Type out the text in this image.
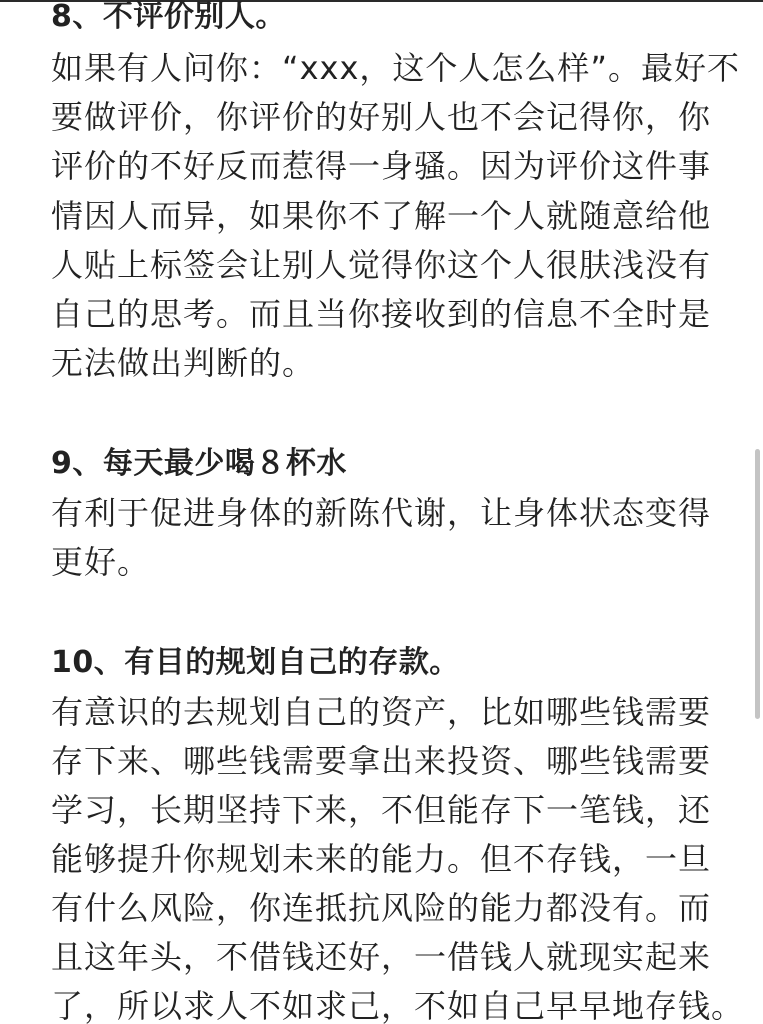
8、不评价别人。
如果有人问你：“xxx，这个人怎么样”。最好不
要做评价，你评价的好别人也不会记得你，你
评价的不好反而惹得一身骚。因为评价这件事
情因人而异，如果你不了解一个人就随意给他
人贴上标签会让别人觉得你这个人很肤浅没有
自己的思考。而且当你接收到的信息不全时是
无法做出判断的。
9、每天最少喝８杯水
有利于促进身体的新陈代谢，让身体状态变得
更好。
10、有目的规划自己的存款。
有意识的去规划自己的资产，比如哪些钱需要
存下来、哪些钱需要拿出来投资、哪些钱需要
学习，长期坚持下来，不但能存下一笔钱，还
能够提升你规划未来的能力。但不存钱，一旦
有什么风险，你连抵抗风险的能力都没有。而
且这年头，不借钱还好，一借钱人就现实起来
了，所以求人不如求己，不如自己早早地存钱。
